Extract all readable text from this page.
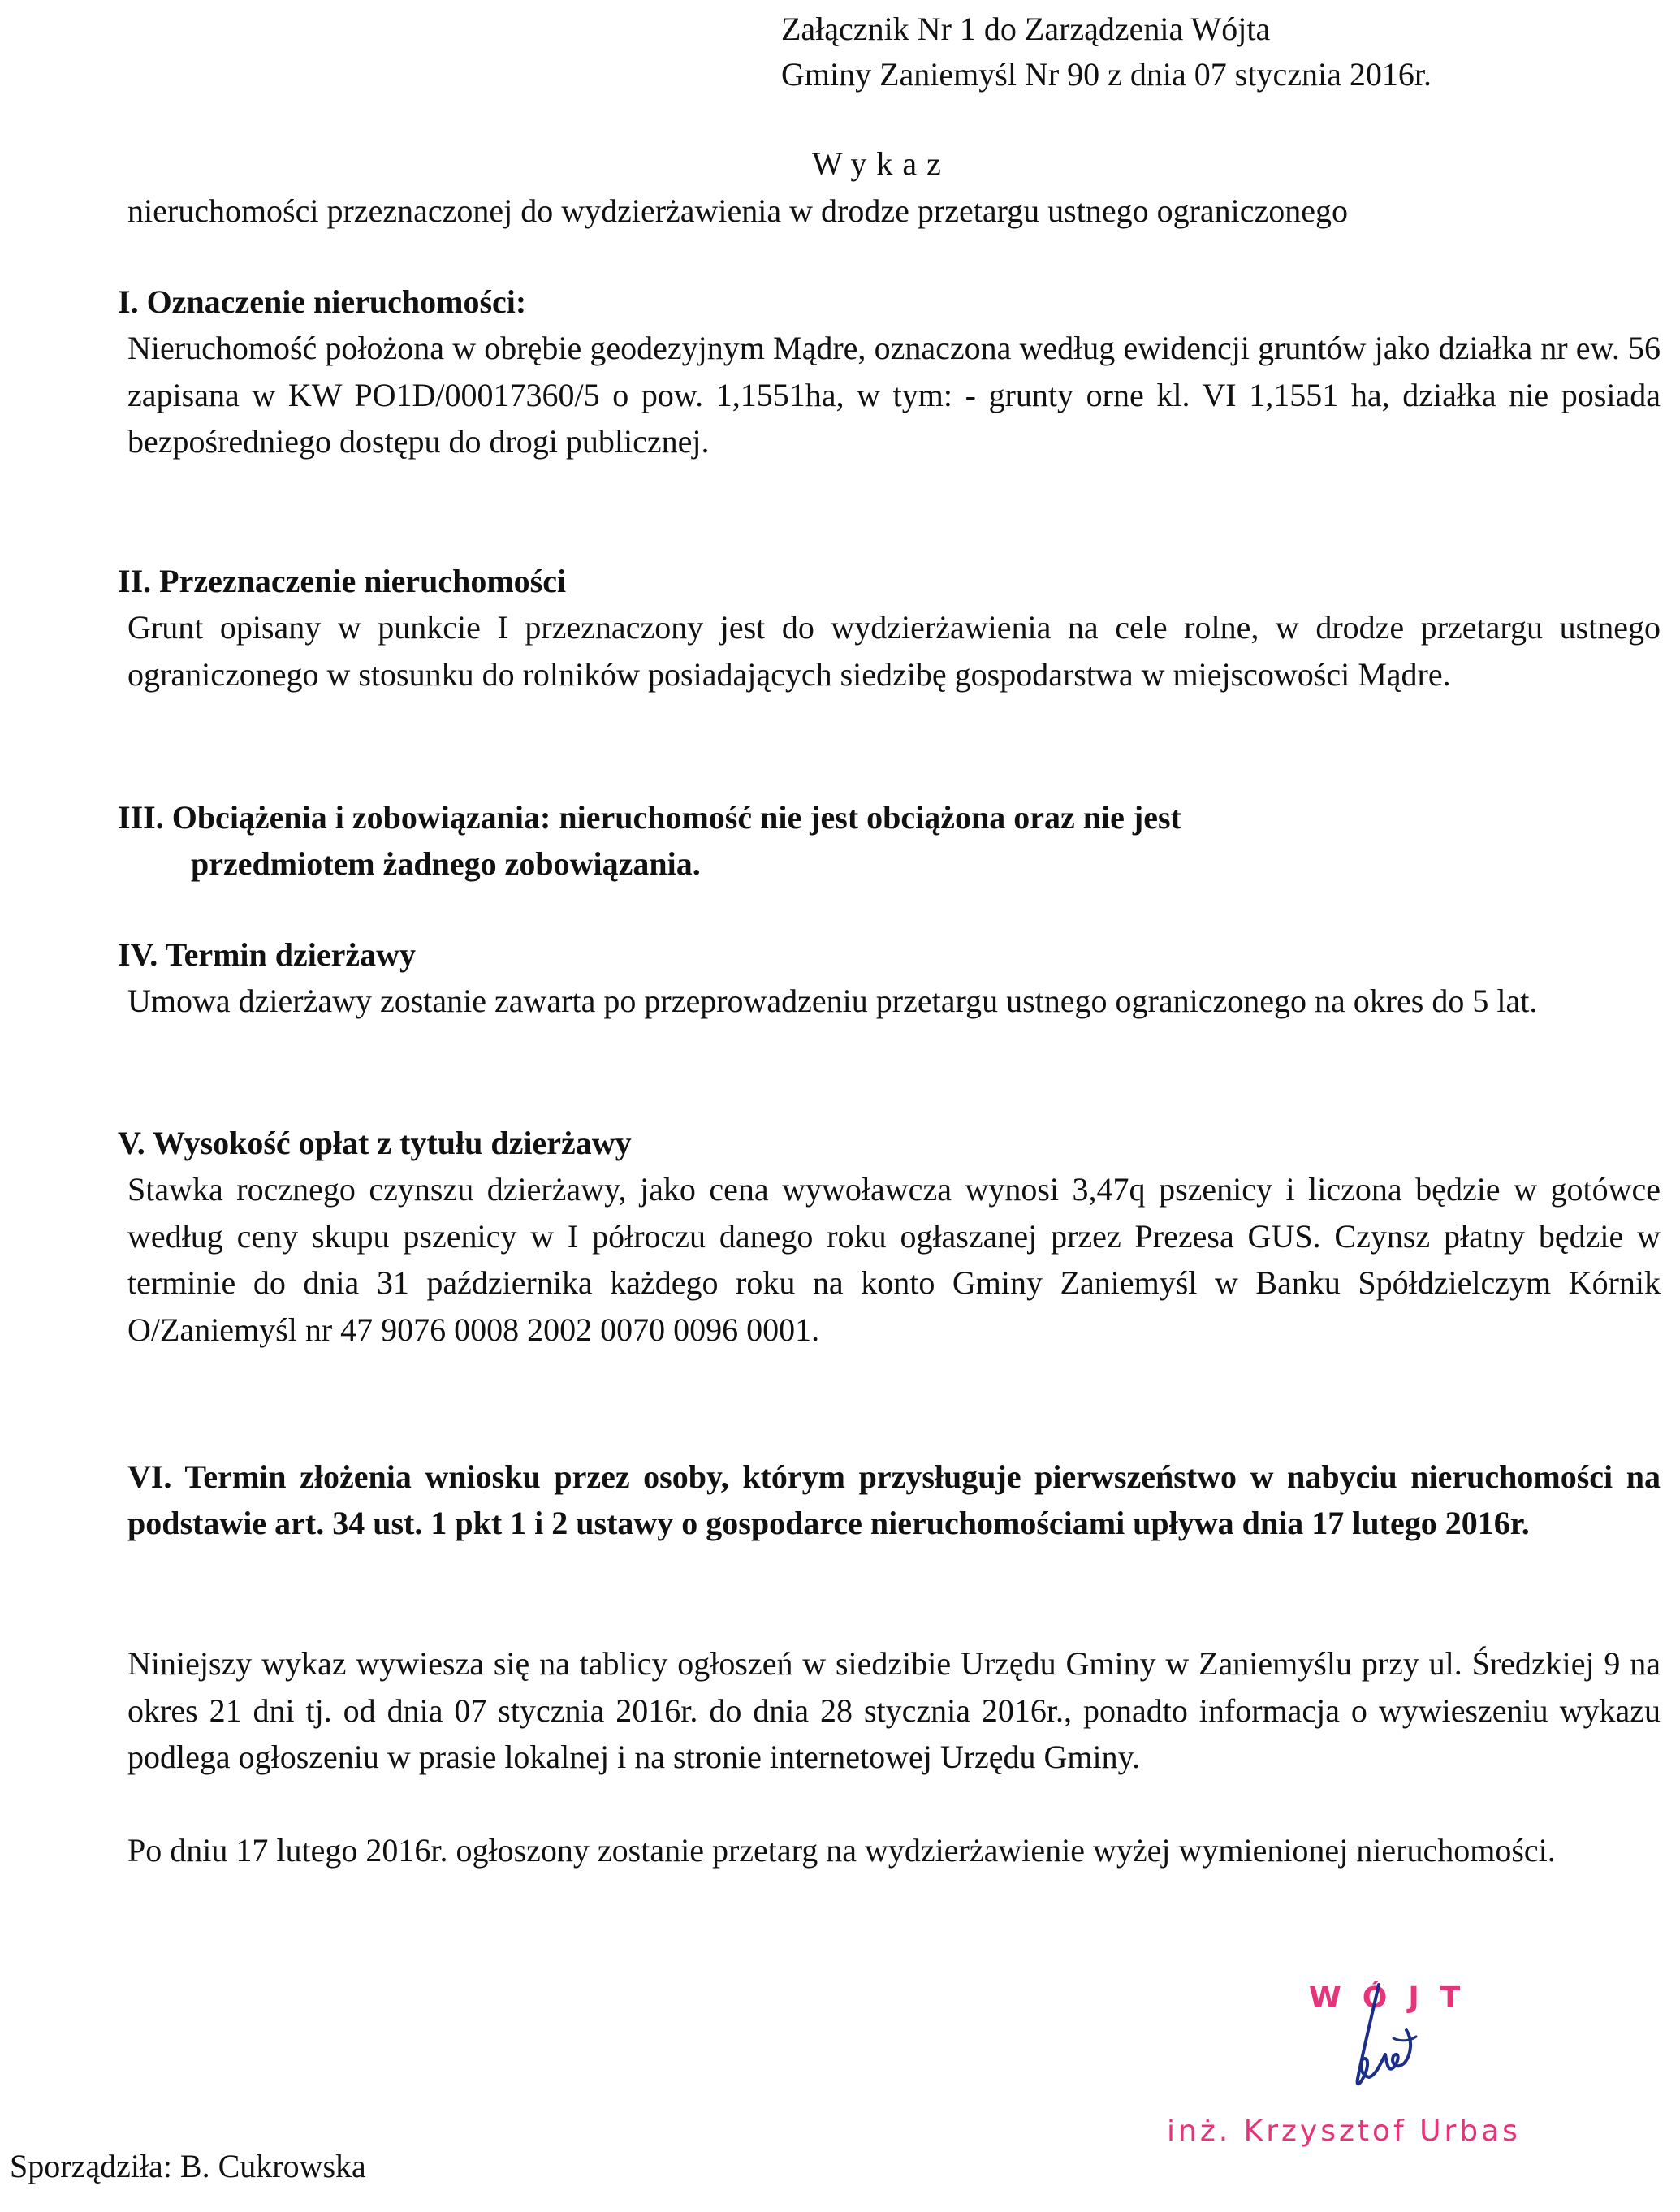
Załącznik Nr 1 do Zarządzenia Wójta
Gminy Zaniemyśl Nr 90 z dnia 07 stycznia 2016r.
Wykaz
nieruchomości przeznaczonej do wydzierżawienia w drodze przetargu ustnego ograniczonego
I. Oznaczenie nieruchomości:
Nieruchomość położona w obrębie geodezyjnym Mądre, oznaczona według ewidencji gruntów jako działka nr ew. 56 zapisana w KW PO1D/00017360/5 o pow. 1,1551ha, w tym: - grunty orne kl. VI 1,1551 ha, działka nie posiada bezpośredniego dostępu do drogi publicznej.
II. Przeznaczenie nieruchomości
Grunt opisany w punkcie I przeznaczony jest do wydzierżawienia na cele rolne, w drodze przetargu ustnego ograniczonego w stosunku do rolników posiadających siedzibę gospodarstwa w miejscowości Mądre.
III. Obciążenia i zobowiązania: nieruchomość nie jest obciążona oraz nie jest
przedmiotem żadnego zobowiązania.
IV. Termin dzierżawy
Umowa dzierżawy zostanie zawarta po przeprowadzeniu przetargu ustnego ograniczonego na okres do 5 lat.
V. Wysokość opłat z tytułu dzierżawy
Stawka rocznego czynszu dzierżawy, jako cena wywoławcza wynosi 3,47q pszenicy i liczona będzie w gotówce według ceny skupu pszenicy w I półroczu danego roku ogłaszanej przez Prezesa GUS. Czynsz płatny będzie w terminie do dnia 31 października każdego roku na konto Gminy Zaniemyśl w Banku Spółdzielczym Kórnik O/Zaniemyśl nr 47 9076 0008 2002 0070 0096 0001.
VI. Termin złożenia wniosku przez osoby, którym przysługuje pierwszeństwo w nabyciu nieruchomości na podstawie art. 34 ust. 1 pkt 1 i 2 ustawy o gospodarce nieruchomościami upływa dnia 17 lutego 2016r.
Niniejszy wykaz wywiesza się na tablicy ogłoszeń w siedzibie Urzędu Gminy w Zaniemyślu przy ul. Średzkiej 9 na okres 21 dni tj. od dnia 07 stycznia 2016r. do dnia 28 stycznia 2016r., ponadto informacja o wywieszeniu wykazu podlega ogłoszeniu w prasie lokalnej i na stronie internetowej Urzędu Gminy.
Po dniu 17 lutego 2016r. ogłoszony zostanie przetarg na wydzierżawienie wyżej wymienionej nieruchomości.
WÓJT
inż. Krzysztof Urbas
Sporządziła: B. Cukrowska
